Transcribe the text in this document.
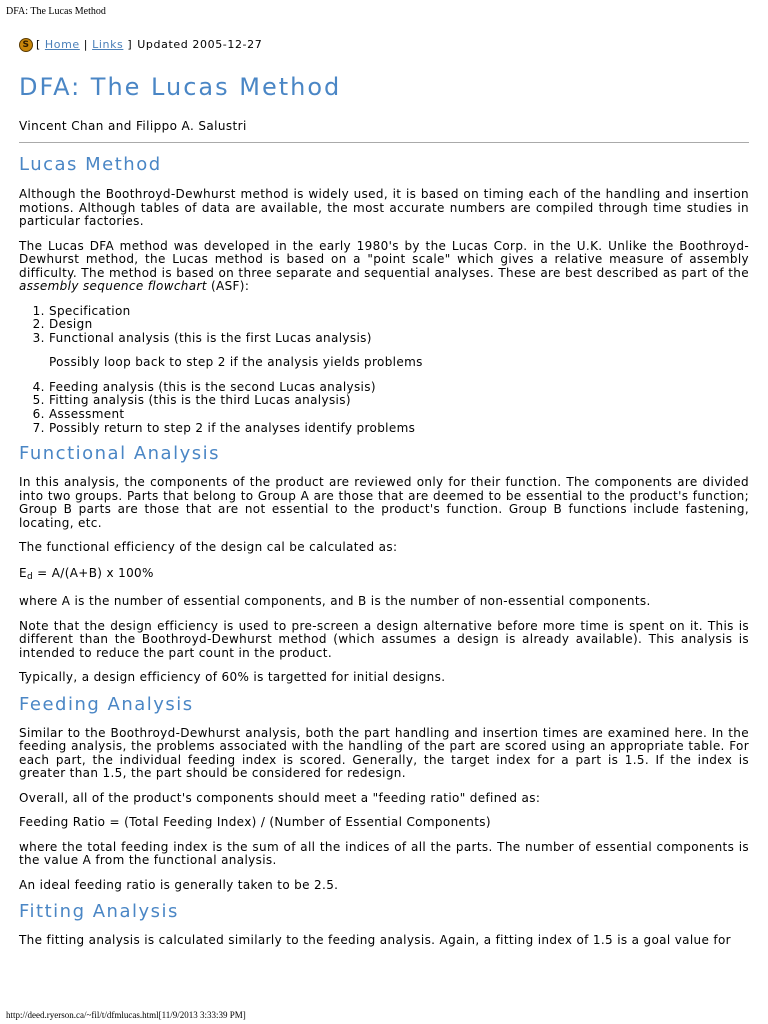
DFA: The Lucas Method
S [ Home | Links ] Updated 2005-12-27
DFA: The Lucas Method
Vincent Chan and Filippo A. Salustri
Lucas Method

Although the Boothroyd-Dewhurst method is widely used, it is based on timing each of the handling and insertion motions. Although tables of data are available, the most accurate numbers are compiled through time studies in particular factories.

The Lucas DFA method was developed in the early 1980's by the Lucas Corp. in the U.K. Unlike the Boothroyd-Dewhurst method, the Lucas method is based on a "point scale" which gives a relative measure of assembly difficulty. The method is based on three separate and sequential analyses. These are best described as part of the assembly sequence flowchart (ASF):

1. Specification
2. Design
3. Functional analysis (this is the first Lucas analysis)
Possibly loop back to step 2 if the analysis yields problems
4. Feeding analysis (this is the second Lucas analysis)
5. Fitting analysis (this is the third Lucas analysis)
6. Assessment
7. Possibly return to step 2 if the analyses identify problems
Functional Analysis

In this analysis, the components of the product are reviewed only for their function. The components are divided into two groups. Parts that belong to Group A are those that are deemed to be essential to the product's function; Group B parts are those that are not essential to the product's function. Group B functions include fastening, locating, etc.

The functional efficiency of the design cal be calculated as:

$E_d = A/(A+B)$ x 100%

where A is the number of essential components, and B is the number of non-essential components.

Note that the design efficiency is used to pre-screen a design alternative before more time is spent on it. This is different than the Boothroyd-Dewhurst method (which assumes a design is already available). This analysis is intended to reduce the part count in the product.

Typically, a design efficiency of 60% is targetted for initial designs.

Feeding Analysis

Similar to the Boothroyd-Dewhurst analysis, both the part handling and insertion times are examined here. In the feeding analysis, the problems associated with the handling of the part are scored using an appropriate table. For each part, the individual feeding index is scored. Generally, the target index for a part is 1.5. If the index is greater than 1.5, the part should be considered for redesign.

Overall, all of the product's components should meet a "feeding ratio" defined as:

Feeding Ratio = (Total Feeding Index) / (Number of Essential Components)

where the total feeding index is the sum of all the indices of all the parts. The number of essential components is the value A from the functional analysis.

An ideal feeding ratio is generally taken to be 2.5.

Fitting Analysis

The fitting analysis is calculated similarly to the feeding analysis. Again, a fitting index of 1.5 is a goal value for

http://deed.ryerson.ca/~fil/t/dfmlucas.html[11/9/2013 3:33:39 PM]
